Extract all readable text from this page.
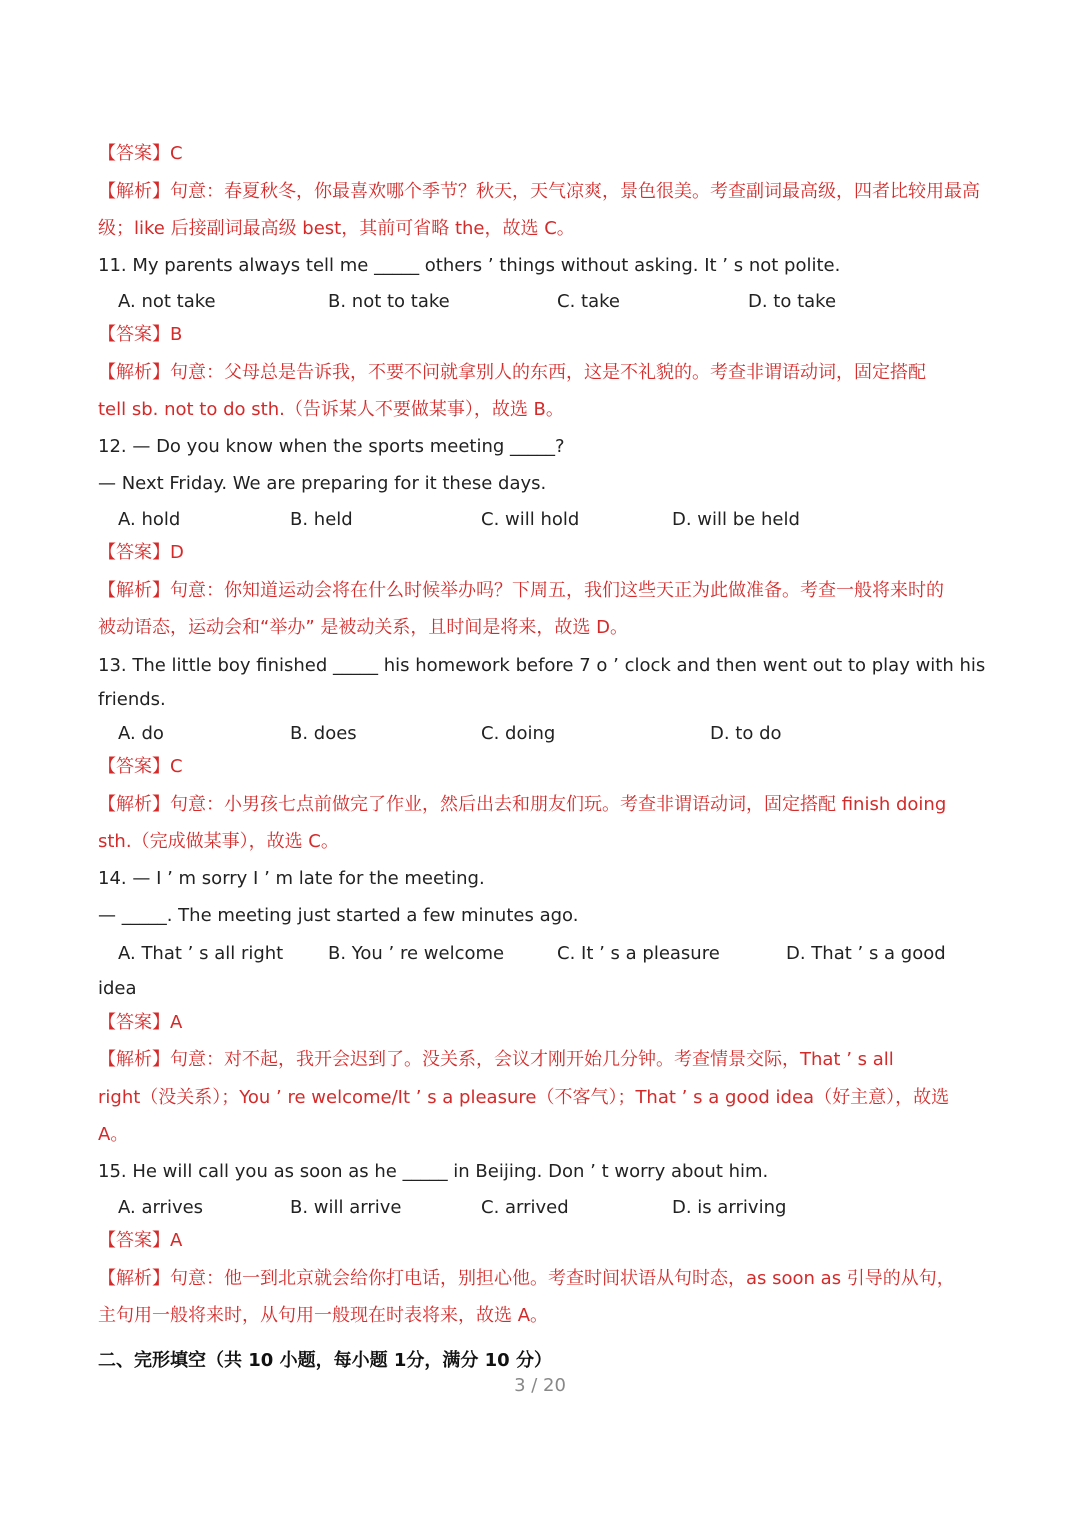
【答案】C
【解析】句意：春夏秋冬，你最喜欢哪个季节？秋天，天气凉爽，景色很美。考查副词最高级，四者比较用最高
级；like 后接副词最高级 best，其前可省略 the，故选 C。
11. My parents always tell me _____ others ’ things without asking. It ’ s not polite.
A. not take	B. not to take	C. take	D. to take
【答案】B
【解析】句意：父母总是告诉我，不要不问就拿别人的东西，这是不礼貌的。考查非谓语动词，固定搭配
tell sb. not to do sth.（告诉某人不要做某事），故选 B。
12. — Do you know when the sports meeting _____?
— Next Friday. We are preparing for it these days.
A. hold	B. held	C. will hold	D. will be held
【答案】D
【解析】句意：你知道运动会将在什么时候举办吗？下周五，我们这些天正为此做准备。考查一般将来时的
被动语态，运动会和“举办” 是被动关系，且时间是将来，故选 D。
13. The little boy finished _____ his homework before 7 o ’ clock and then went out to play with his
friends.
A. do	B. does	C. doing	D. to do
【答案】C
【解析】句意：小男孩七点前做完了作业，然后出去和朋友们玩。考查非谓语动词，固定搭配 finish doing
sth.（完成做某事），故选 C。
14. — I ’ m sorry I ’ m late for the meeting.
— _____. The meeting just started a few minutes ago.
A. That ’ s all right B. You ’ re welcome	C. It ’ s a pleasure	D. That ’ s a good
idea
【答案】A
【解析】句意：对不起，我开会迟到了。没关系，会议才刚开始几分钟。考查情景交际，That ’ s all
right（没关系）；You ’ re welcome/It ’ s a pleasure（不客气）；That ’ s a good idea（好主意），故选
A。
15. He will call you as soon as he _____ in Beijing. Don ’ t worry about him.
A. arrives	B. will arrive	C. arrived	D. is arriving
【答案】A
【解析】句意：他一到北京就会给你打电话，别担心他。考查时间状语从句时态，as soon as 引导的从句，
主句用一般将来时，从句用一般现在时表将来，故选 A。
二、完形填空（共 10 小题，每小题 1分，满分 10 分）
3 / 20
